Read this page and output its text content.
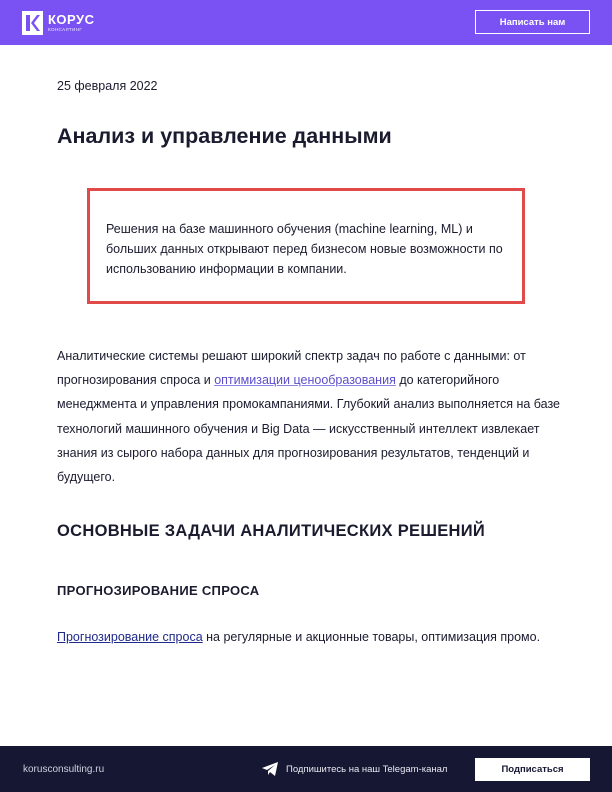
КОРУС
КОНСАЛТИНГ
Написать нам
25 февраля 2022
Анализ и управление данными
Решения на базе машинного обучения (machine learning, ML) и больших данных открывают перед бизнесом новые возможности по использованию информации в компании.

Аналитические системы решают широкий спектр задач по работе с данными: от прогнозирования спроса и оптимизации ценообразования до категорийного менеджмента и управления промокампаниями. Глубокий анализ выполняется на базе технологий машинного обучения и Big Data — искусственный интеллект извлекает знания из сырого набора данных для прогнозирования результатов, тенденций и будущего.

ОСНОВНЫЕ ЗАДАЧИ АНАЛИТИЧЕСКИХ РЕШЕНИЙ
ПРОГНОЗИРОВАНИЕ СПРОСА

Прогнозирование спроса на регулярные и акционные товары, оптимизация промо.

korusconsulting.ru	Подпишитесь на наш Telegam-канал	Подписаться
